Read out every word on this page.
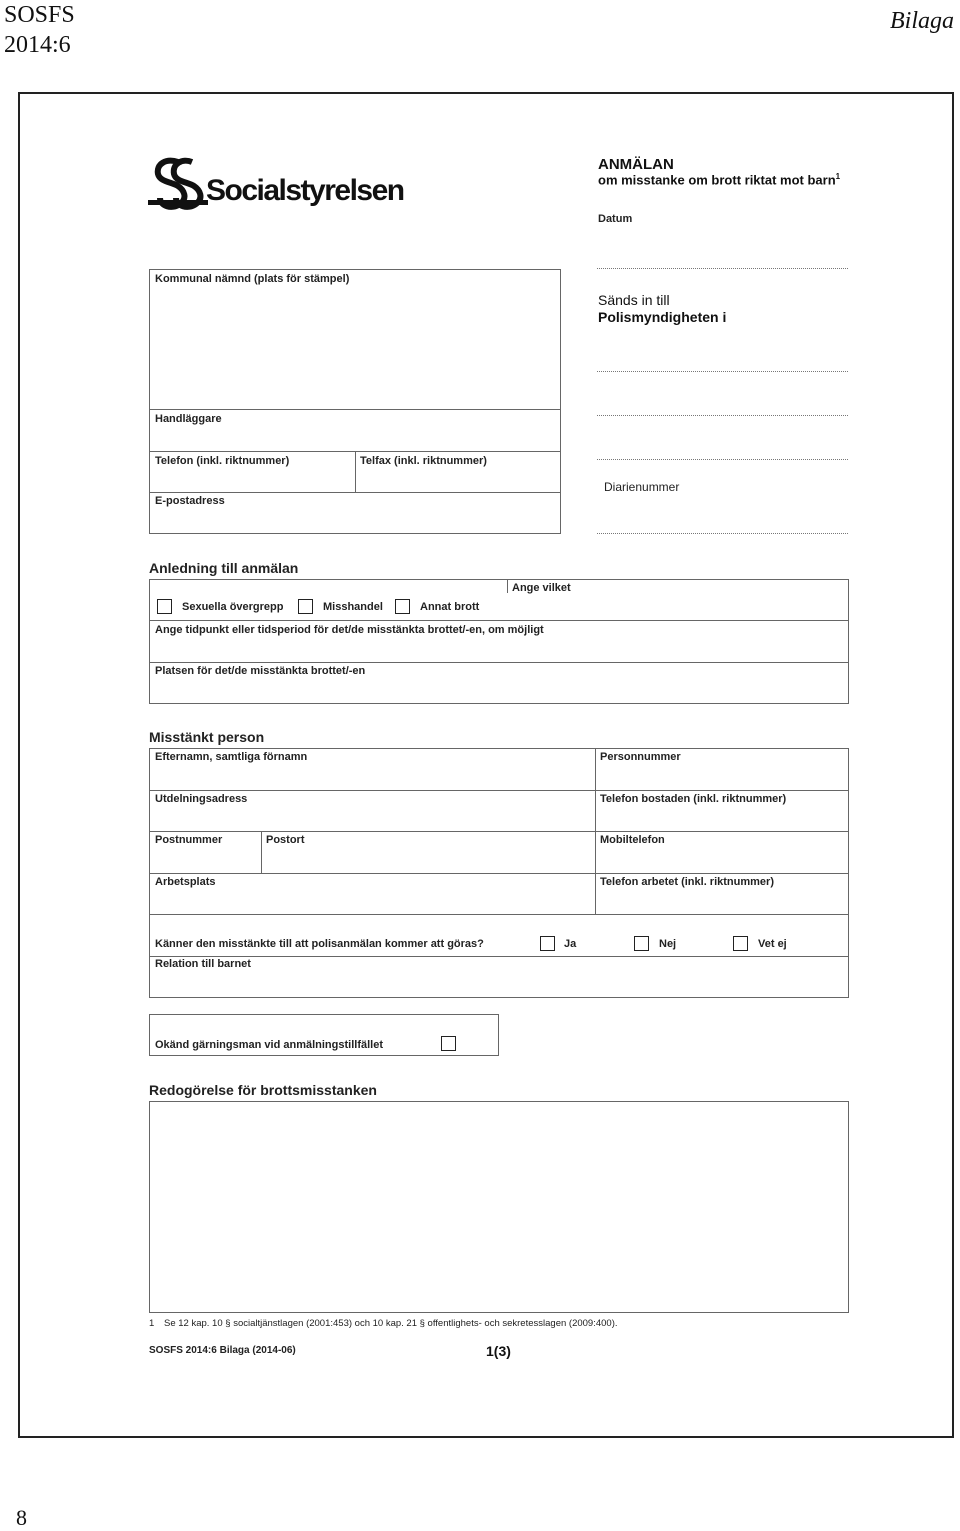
SOSFS
2014:6
Bilaga
Socialstyrelsen
ANMÄLAN
om misstanke om brott riktat mot barn$^1$
Datum
Sänds in till
Polismyndigheten i
Diarienummer
Kommunal nämnd (plats för stämpel)
Handläggare
Telefon (inkl. riktnummer)	Telfax (inkl. riktnummer)
E-postadress
Anledning till anmälan
Ange vilket
Sexuella övergrepp	Misshandel	Annat brott
Ange tidpunkt eller tidsperiod för det/de misstänkta brottet/-en, om möjligt
Platsen för det/de misstänkta brottet/-en
Misstänkt person
Efternamn, samtliga förnamn	Personnummer
Utdelningsadress	Telefon bostaden (inkl. riktnummer)
Postnummer	Postort	Mobiltelefon
Arbetsplats	Telefon arbetet (inkl. riktnummer)
Känner den misstänkte till att polisanmälan kommer att göras?	Ja	Nej	Vet ej
Relation till barnet
Okänd gärningsman vid anmälningstillfället
Redogörelse för brottsmisstanken
1 Se 12 kap. 10 § socialtjänstlagen (2001:453) och 10 kap. 21 § offentlighets- och sekretesslagen (2009:400).
SOSFS 2014:6 Bilaga (2014-06)	1(3)
8
